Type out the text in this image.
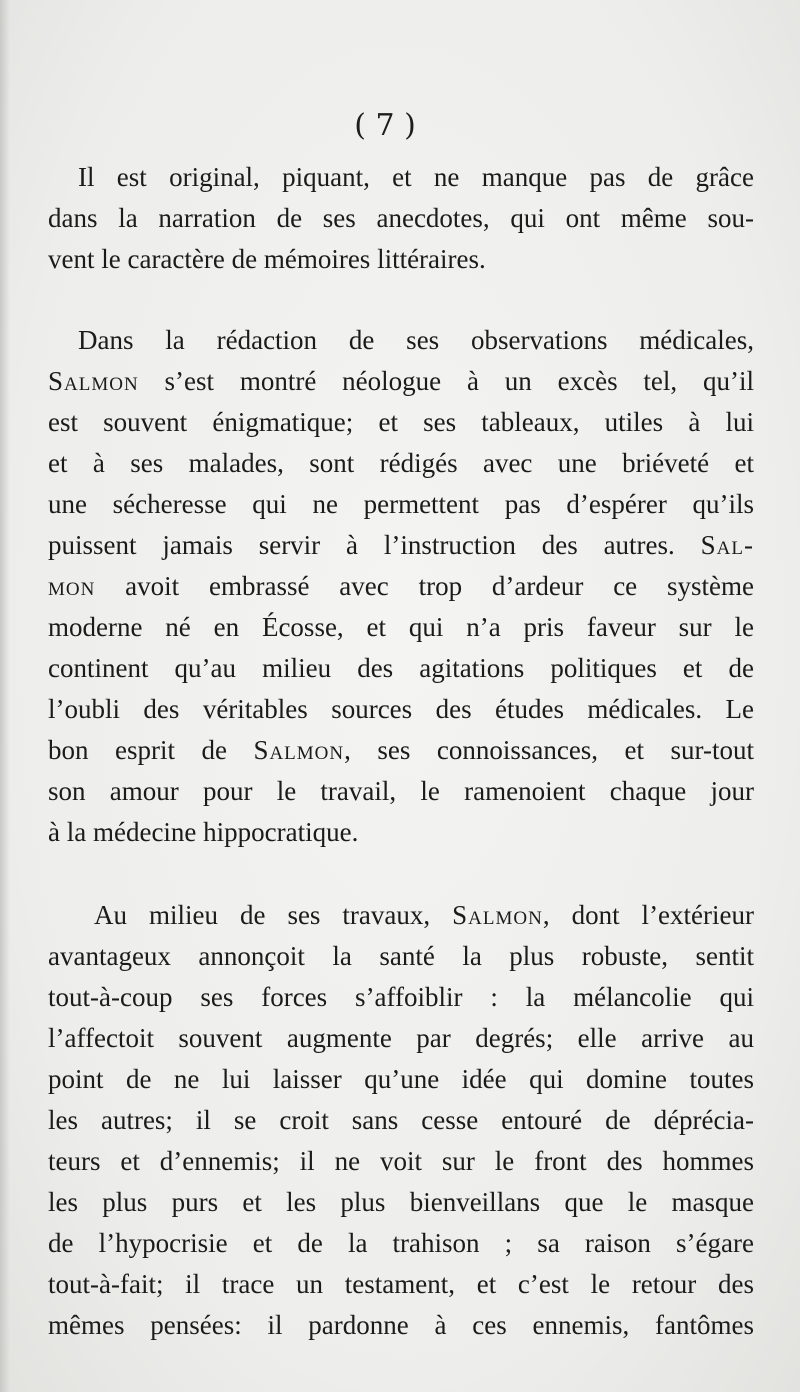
( 7 )
Il est original, piquant, et ne manque pas de grâce
dans la narration de ses anecdotes, qui ont même sou-
vent le caractère de mémoires littéraires.
Dans la rédaction de ses observations médicales,
Salmon s’est montré néologue à un excès tel, qu’il
est souvent énigmatique; et ses tableaux, utiles à lui
et à ses malades, sont rédigés avec une briéveté et
une sécheresse qui ne permettent pas d’espérer qu’ils
puissent jamais servir à l’instruction des autres. Sal-
mon avoit embrassé avec trop d’ardeur ce système
moderne né en Écosse, et qui n’a pris faveur sur le
continent qu’au milieu des agitations politiques et de
l’oubli des véritables sources des études médicales. Le
bon esprit de Salmon, ses connoissances, et sur-tout
son amour pour le travail, le ramenoient chaque jour
à la médecine hippocratique.
Au milieu de ses travaux, Salmon, dont l’extérieur
avantageux annonçoit la santé la plus robuste, sentit
tout-à-coup ses forces s’affoiblir : la mélancolie qui
l’affectoit souvent augmente par degrés; elle arrive au
point de ne lui laisser qu’une idée qui domine toutes
les autres; il se croit sans cesse entouré de déprécia-
teurs et d’ennemis; il ne voit sur le front des hommes
les plus purs et les plus bienveillans que le masque
de l’hypocrisie et de la trahison ; sa raison s’égare
tout-à-fait; il trace un testament, et c’est le retour des
mêmes pensées: il pardonne à ces ennemis, fantômes
